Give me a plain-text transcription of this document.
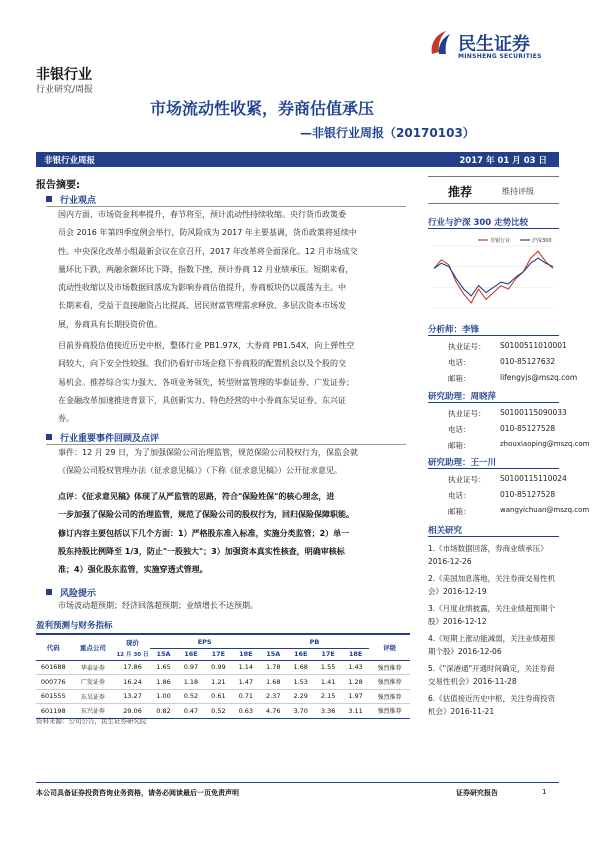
非银行业
行业研究/周报
民生证券
MINSHENG SECURITIES
市场流动性收紧，券商估值承压
—非银行业周报（20170103）
非银行业周报	2017 年 01 月 03 日
报告摘要:
行业观点
国内方面，市场资金利率提升，春节将至，预计流动性持续收缩。央行货币政策委
员会 2016 年第四季度例会举行，防风险成为 2017 年主要基调，货币政策将延续中
性。中央深化改革小组最新会议在京召开，2017 年改革将全面深化。12 月市场成交
量环比下跌，两融余额环比下降，指数下挫，预计券商 12 月业绩承压。短期来看，
流动性收缩以及市场数据回落成为影响券商估值提升，券商板块仍以震荡为主。中
长期来看，受益于直接融资占比提高、居民财富管理需求释放、多层次资本市场发
展，券商具有长期投资价值。
目前券商股估值接近历史中枢，整体行业 PB1.97X，大券商 PB1.54X，向上弹性空
间较大，向下安全性较强。我们仍看好市场企稳下券商股的配置机会以及个股的交
易机会。推荐综合实力强大、各项业务领先，转型财富管理的华泰证券、广发证券；
在金融改革加速推进背景下，具创新实力、特色经营的中小券商东吴证券、东兴证
券。
行业重要事件回顾及点评
事件：12 月 29 日，为了加强保险公司治理监管，规范保险公司股权行为，保监会就
《保险公司股权管理办法（征求意见稿）》（下称《征求意见稿》）公开征求意见。
点评：《征求意见稿》体现了从严监管的思路，符合"保险姓保"的核心理念，进
一步加强了保险公司的治理监管，规范了保险公司的股权行为，回归保险保障职能。
修订内容主要包括以下几个方面：1）严格股东准入标准，实施分类监管；2）单一
股东持股比例降至 1/3，防止"一股独大"；3）加强资本真实性核查，明确审核标
准；4）强化股东监管，实施穿透式管理。
风险提示
市场波动超预期；经济回落超预期；业绩增长不达预期。
盈利预测与财务指标
代码	重点公司	现价	EPS				PB				评级
		12 月 30 日	15A	16E	17E	18E	15A	16E	17E	18E	
601688	华泰证券	17.86	1.65	0.97	0.99	1.14	1.78	1.68	1.55	1.43	强烈推荐
000776	广发证券	16.24	1.86	1.18	1.21	1.47	1.68	1.53	1.41	1.28	强烈推荐
601555	东吴证券	13.27	1.00	0.52	0.61	0.71	2.37	2.29	2.15	1.97	强烈推荐
601198	东兴证券	29.06	0.82	0.47	0.52	0.63	4.76	3.70	3.36	3.11	强烈推荐
资料来源：公司公告，民生证券研究院
推荐	维持评级
行业与沪深 300 走势比较
非银行业	沪深300
分析师：李锋
执业证号： S0100511010001
电话：	010-85127632
邮箱：	lifengyjs@mszq.com
研究助理：周晓萍
执业证号： S0100115090033
电话：	010-85127528
邮箱：	zhouxiaoping@mszq.com
研究助理：王一川
执业证号： S0100115110024
电话：	010-85127528
邮箱：	wangyichuan@mszq.com
相关研究
1.《市场数据回落，券商业绩承压》2016-12-26
2.《美国加息落地，关注券商交易性机会》2016-12-19
3.《月度业绩披露，关注业绩超预期个股》2016-12-12
4.《短期上涨动能减弱，关注业绩超预期个股》2016-12-06
5.《"深港通"开通时间确定，关注券商交易性机会》2016-11-28
6.《估值接近历史中枢，关注券商投资机会》2016-11-21
本公司具备证券投资咨询业务资格，请务必阅读最后一页免责声明	证券研究报告	1
